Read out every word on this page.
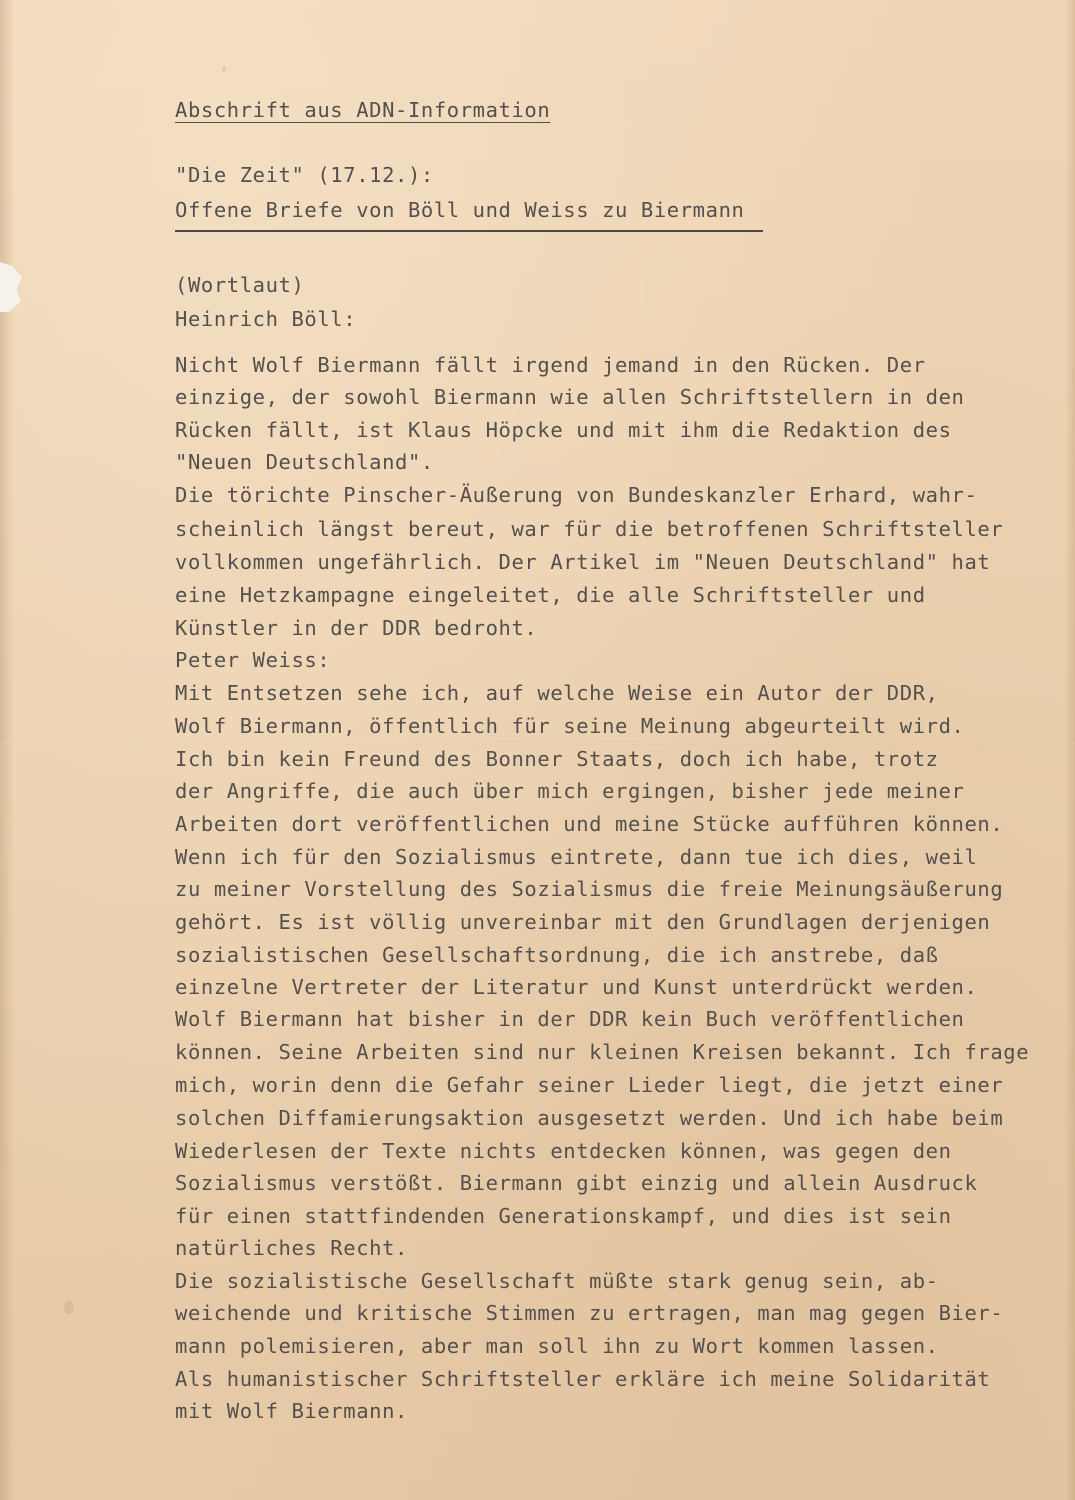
Abschrift aus ADN-Information

"Die Zeit" (17.12.):

Offene Briefe von Böll und Weiss zu Biermann

(Wortlaut)

Heinrich Böll:

Nicht Wolf Biermann fällt irgend jemand in den Rücken. Der

einzige, der sowohl Biermann wie allen Schriftstellern in den

Rücken fällt, ist Klaus Höpcke und mit ihm die Redaktion des

"Neuen Deutschland".

Die törichte Pinscher-Äußerung von Bundeskanzler Erhard, wahr-

scheinlich längst bereut, war für die betroffenen Schriftsteller

vollkommen ungefährlich. Der Artikel im "Neuen Deutschland" hat

eine Hetzkampagne eingeleitet, die alle Schriftsteller und

Künstler in der DDR bedroht.

Peter Weiss:

Mit Entsetzen sehe ich, auf welche Weise ein Autor der DDR,

Wolf Biermann, öffentlich für seine Meinung abgeurteilt wird.

Ich bin kein Freund des Bonner Staats, doch ich habe, trotz

der Angriffe, die auch über mich ergingen, bisher jede meiner

Arbeiten dort veröffentlichen und meine Stücke aufführen können.

Wenn ich für den Sozialismus eintrete, dann tue ich dies, weil

zu meiner Vorstellung des Sozialismus die freie Meinungsäußerung

gehört. Es ist völlig unvereinbar mit den Grundlagen derjenigen

sozialistischen Gesellschaftsordnung, die ich anstrebe, daß

einzelne Vertreter der Literatur und Kunst unterdrückt werden.

Wolf Biermann hat bisher in der DDR kein Buch veröffentlichen

können. Seine Arbeiten sind nur kleinen Kreisen bekannt. Ich frage

mich, worin denn die Gefahr seiner Lieder liegt, die jetzt einer

solchen Diffamierungsaktion ausgesetzt werden. Und ich habe beim

Wiederlesen der Texte nichts entdecken können, was gegen den

Sozialismus verstößt. Biermann gibt einzig und allein Ausdruck

für einen stattfindenden Generationskampf, und dies ist sein

natürliches Recht.

Die sozialistische Gesellschaft müßte stark genug sein, ab-

weichende und kritische Stimmen zu ertragen, man mag gegen Bier-

mann polemisieren, aber man soll ihn zu Wort kommen lassen.

Als humanistischer Schriftsteller erkläre ich meine Solidarität

mit Wolf Biermann.
